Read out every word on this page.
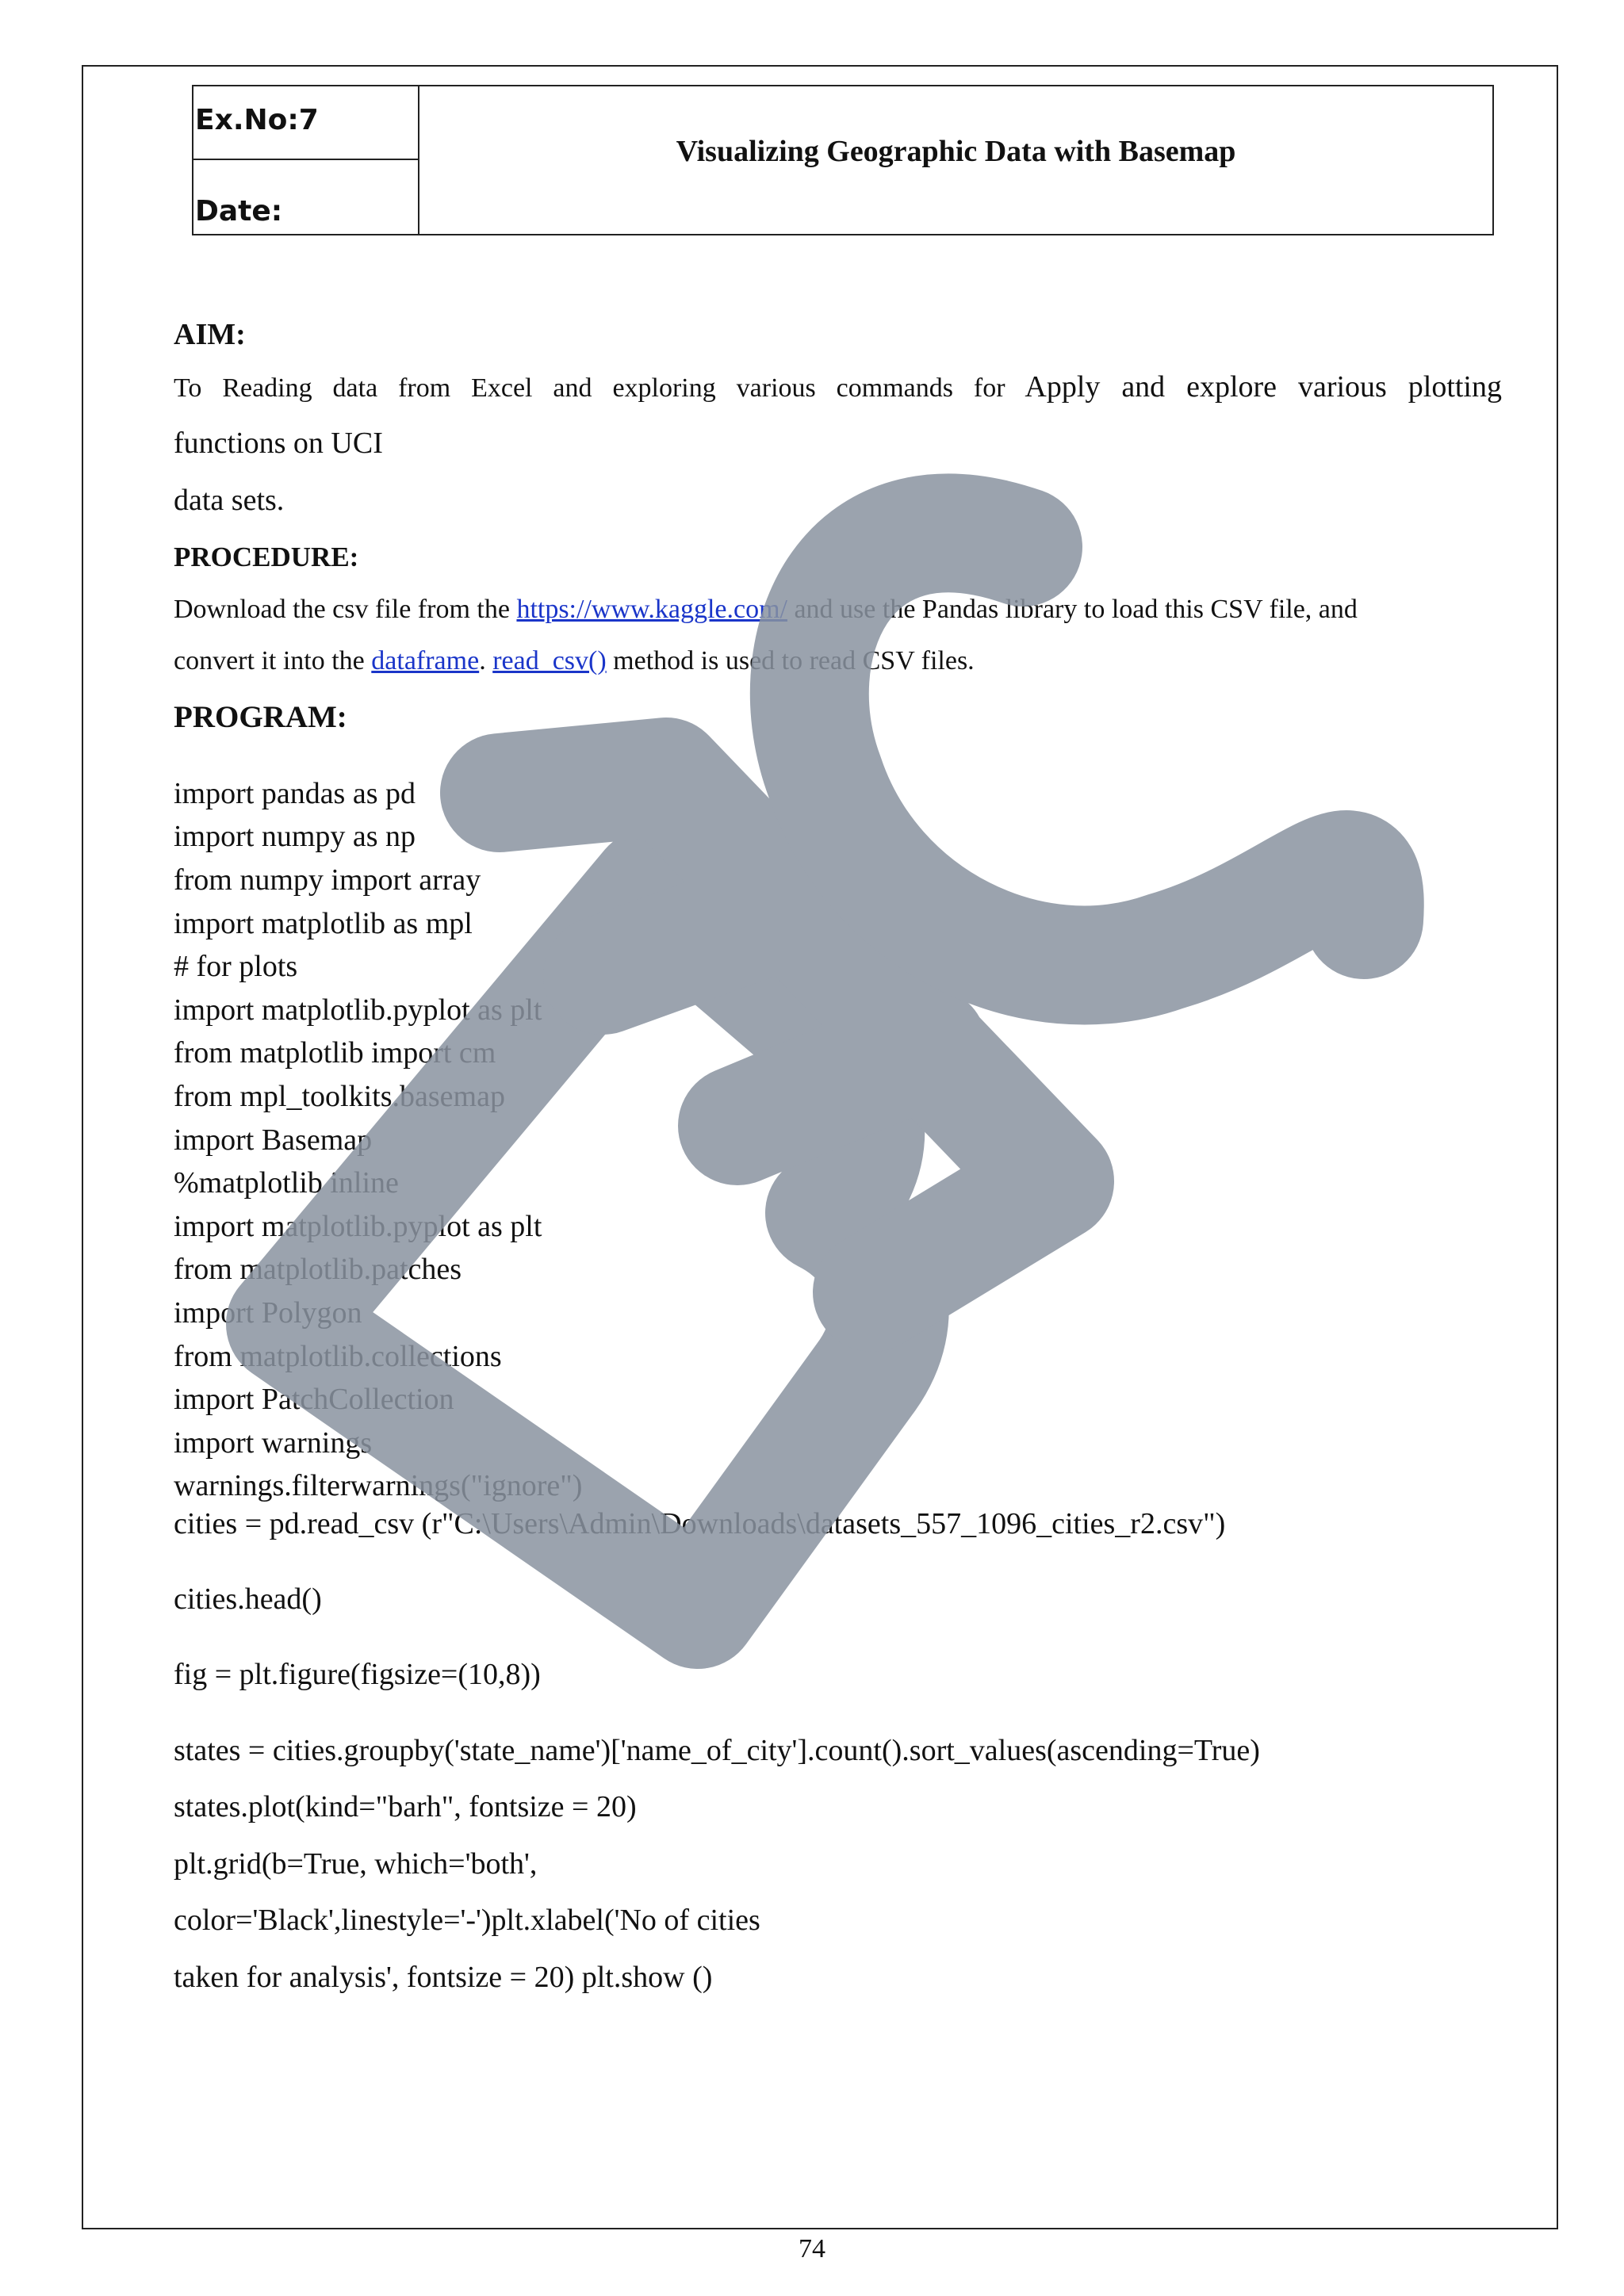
Ex.No:7
Date:
Visualizing Geographic Data with Basemap
AIM:
To Reading data from Excel and exploring various commands for Apply and explore various plotting
functions on UCI
data sets.
PROCEDURE:
Download the csv file from the https://www.kaggle.com/ and use the Pandas library to load this CSV file, and
convert it into the dataframe. read_csv() method is used to read CSV files.
PROGRAM:
import pandas as pd
import numpy as np
from numpy import array
import matplotlib as mpl
# for plots
import matplotlib.pyplot as plt
from matplotlib import cm
from mpl_toolkits.basemap
import Basemap
%matplotlib inline
import matplotlib.pyplot as plt
from matplotlib.patches
import Polygon
from matplotlib.collections
import PatchCollection
import warnings
warnings.filterwarnings("ignore")
cities = pd.read_csv (r"C:\Users\Admin\Downloads\datasets_557_1096_cities_r2.csv")
cities.head()
fig = plt.figure(figsize=(10,8))
states = cities.groupby('state_name')['name_of_city'].count().sort_values(ascending=True)
states.plot(kind="barh", fontsize = 20)
plt.grid(b=True, which='both',
color='Black',linestyle='-')plt.xlabel('No of cities
taken for analysis', fontsize = 20) plt.show ()
74
